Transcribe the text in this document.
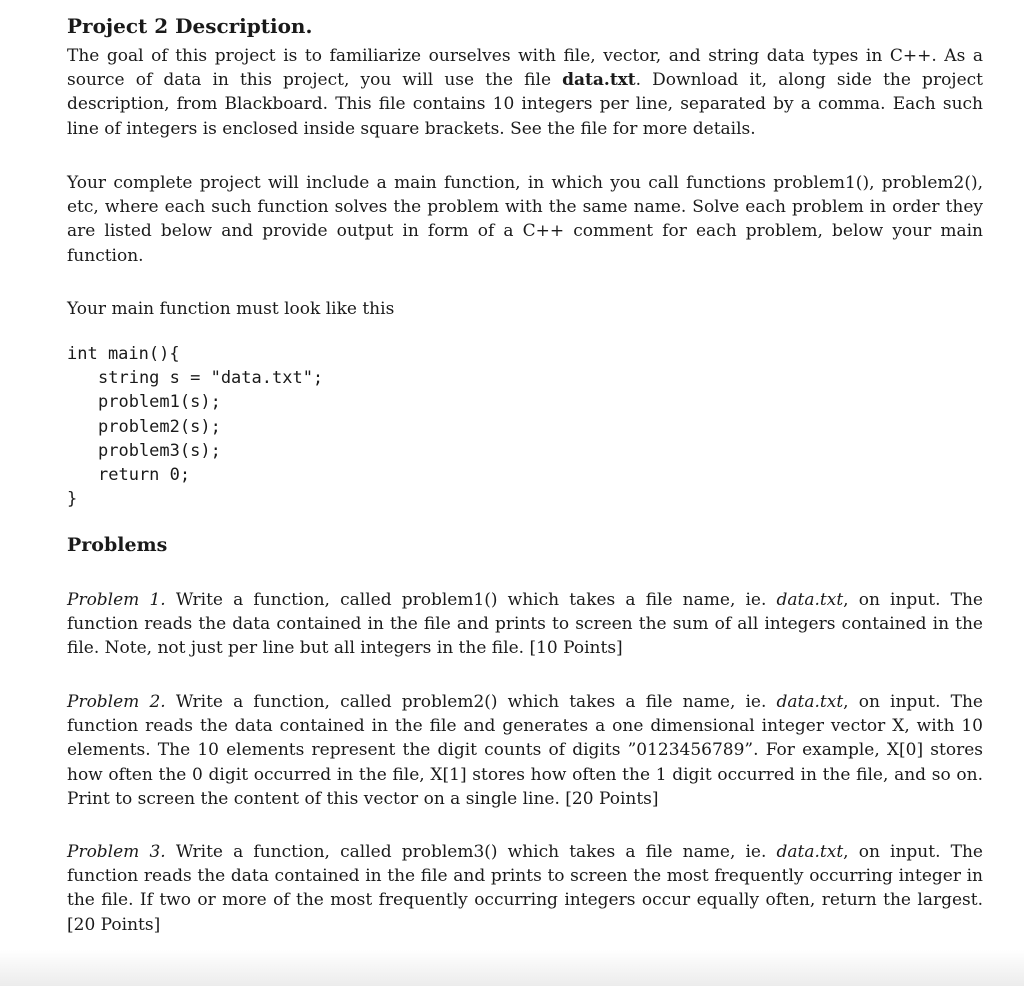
Project 2 Description.

The goal of this project is to familiarize ourselves with file, vector, and string data types in C++. As a source of data in this project, you will use the file data.txt. Download it, along side the project description, from Blackboard. This file contains 10 integers per line, separated by a comma. Each such line of integers is enclosed inside square brackets. See the file for more details.

Your complete project will include a main function, in which you call functions problem1(), problem2(), etc, where each such function solves the problem with the same name. Solve each problem in order they are listed below and provide output in form of a C++ comment for each problem, below your main function.

Your main function must look like this

int main(){
string s = "data.txt";
problem1(s);
problem2(s);
problem3(s);
return 0;
}
Problems

Problem 1. Write a function, called problem1() which takes a file name, ie. data.txt, on input. The function reads the data contained in the file and prints to screen the sum of all integers contained in the file. Note, not just per line but all integers in the file. [10 Points]

Problem 2. Write a function, called problem2() which takes a file name, ie. data.txt, on input. The function reads the data contained in the file and generates a one dimensional integer vector X, with 10 elements. The 10 elements represent the digit counts of digits ”0123456789”. For example, X[0] stores how often the 0 digit occurred in the file, X[1] stores how often the 1 digit occurred in the file, and so on. Print to screen the content of this vector on a single line. [20 Points]

Problem 3. Write a function, called problem3() which takes a file name, ie. data.txt, on input. The function reads the data contained in the file and prints to screen the most frequently occurring integer in the file. If two or more of the most frequently occurring integers occur equally often, return the largest. [20 Points]
